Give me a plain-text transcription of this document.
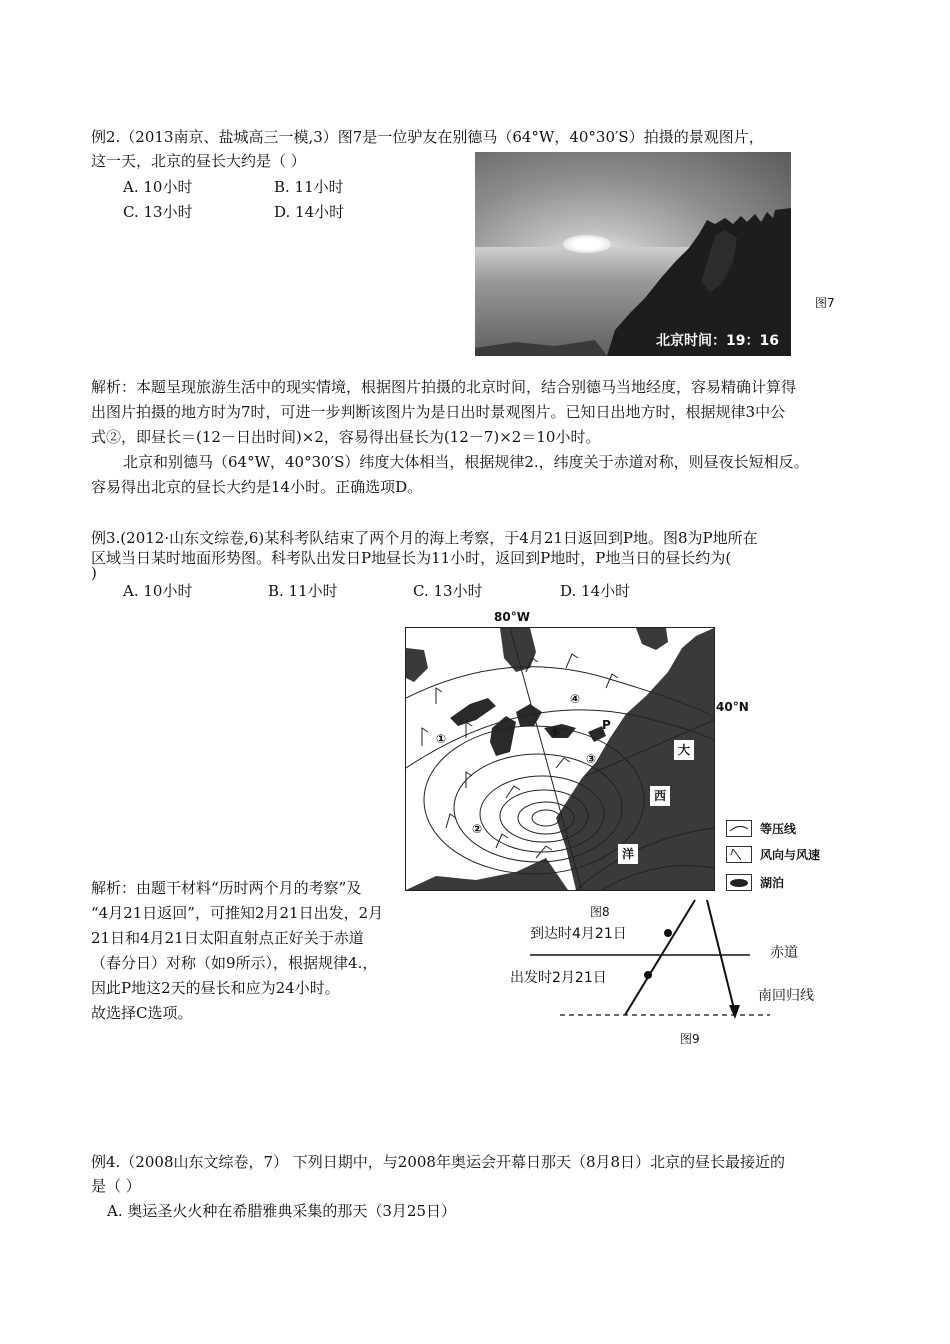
例2.（2013南京、盐城高三一模,3）图7是一位驴友在别德马（64°W，40°30′S）拍摄的景观图片，
这一天，北京的昼长大约是（ ）
A. 10小时	B. 11小时
C. 13小时	D. 14小时
北京时间：19：16
图7
解析：本题呈现旅游生活中的现实情境，根据图片拍摄的北京时间，结合别德马当地经度，容易精确计算得
出图片拍摄的地方时为7时，可进一步判断该图片为是日出时景观图片。已知日出地方时，根据规律3中公
式②，即昼长＝(12－日出时间)×2，容易得出昼长为(12－7)×2＝10小时。
北京和别德马（64°W，40°30′S）纬度大体相当，根据规律2.，纬度关于赤道对称，则昼夜长短相反。
容易得出北京的昼长大约是14小时。正确选项D。
例3.(2012·山东文综卷,6)某科考队结束了两个月的海上考察，于4月21日返回到P地。图8为P地所在
区域当日某时地面形势图。科考队出发日P地昼长为11小时，返回到P地时，P地当日的昼长约为(
)
A. 10小时	B. 11小时	C. 13小时	D. 14小时
80°W
①
②
③
④
⑤
P
大
西
洋
40°N
等压线
风向与风速
湖泊
图8
解析：由题干材料“历时两个月的考察”及
“4月21日返回”，可推知2月21日出发，2月
21日和4月21日太阳直射点正好关于赤道
（春分日）对称（如9所示），根据规律4.，
因此P地这2天的昼长和应为24小时。
故选择C选项。
到达时4月21日
出发时2月21日
赤道
南回归线
图9
例4.（2008山东文综卷，7） 下列日期中，与2008年奥运会开幕日那天（8月8日）北京的昼长最接近的
是（ ）
A. 奥运圣火火种在希腊雅典采集的那天（3月25日）
